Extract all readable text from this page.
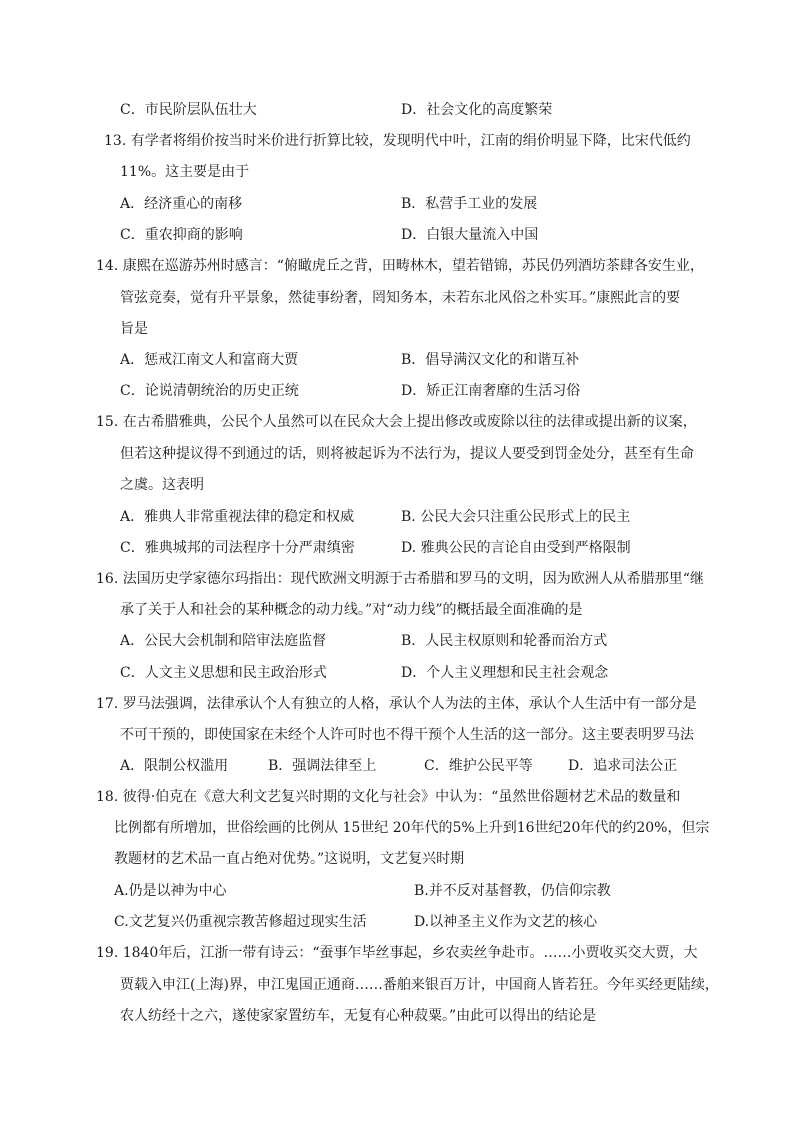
C．市民阶层队伍壮大	D．社会文化的高度繁荣
13. 有学者将绢价按当时米价进行折算比较，发现明代中叶，江南的绢价明显下降，比宋代低约
11%。这主要是由于
A．经济重心的南移	B．私营手工业的发展
C．重农抑商的影响	D．白银大量流入中国
14. 康熙在巡游苏州时感言：“俯瞰虎丘之背，田畴林木，望若错锦，苏民仍列酒坊茶肆各安生业，
管弦竞奏，觉有升平景象，然徒事纷奢，罔知务本，未若东北风俗之朴实耳。”康熙此言的要
旨是
A．惩戒江南文人和富商大贾	B．倡导满汉文化的和谐互补
C．论说清朝统治的历史正统	D．矫正江南奢靡的生活习俗
15. 在古希腊雅典，公民个人虽然可以在民众大会上提出修改或废除以往的法律或提出新的议案，
但若这种提议得不到通过的话，则将被起诉为不法行为，提议人要受到罚金处分，甚至有生命
之虞。这表明
A．雅典人非常重视法律的稳定和权威	B. 公民大会只注重公民形式上的民主
C．雅典城邦的司法程序十分严肃缜密	D. 雅典公民的言论自由受到严格限制
16. 法国历史学家德尔玛指出：现代欧洲文明源于古希腊和罗马的文明，因为欧洲人从希腊那里“继
承了关于人和社会的某种概念的动力线。”对“动力线”的概括最全面准确的是
A．公民大会机制和陪审法庭监督	B．人民主权原则和轮番而治方式
C．人文主义思想和民主政治形式	D．个人主义理想和民主社会观念
17. 罗马法强调，法律承认个人有独立的人格，承认个人为法的主体，承认个人生活中有一部分是
不可干预的，即使国家在未经个人许可时也不得干预个人生活的这一部分。这主要表明罗马法
A．限制公权滥用	B．强调法律至上	C．维护公民平等	D．追求司法公正
18. 彼得·伯克在《意大利文艺复兴时期的文化与社会》中认为：“虽然世俗题材艺术品的数量和
比例都有所增加，世俗绘画的比例从 15世纪 20年代的5%上升到16世纪20年代的约20%，但宗
教题材的艺术品一直占绝对优势。”这说明，文艺复兴时期
A.仍是以神为中心	B.并不反对基督教，仍信仰宗教
C.文艺复兴仍重视宗教苦修超过现实生活	D.以神圣主义作为文艺的核心
19. 1840年后，江浙一带有诗云：“蚕事乍毕丝事起，乡农卖丝争赴市。……小贾收买交大贾，大
贾载入申江(上海)界，申江鬼国正通商……番舶来银百万计，中国商人皆若狂。今年买经更陆续，
农人纺经十之六，遂使家家置纺车，无复有心种菽粟。”由此可以得出的结论是
